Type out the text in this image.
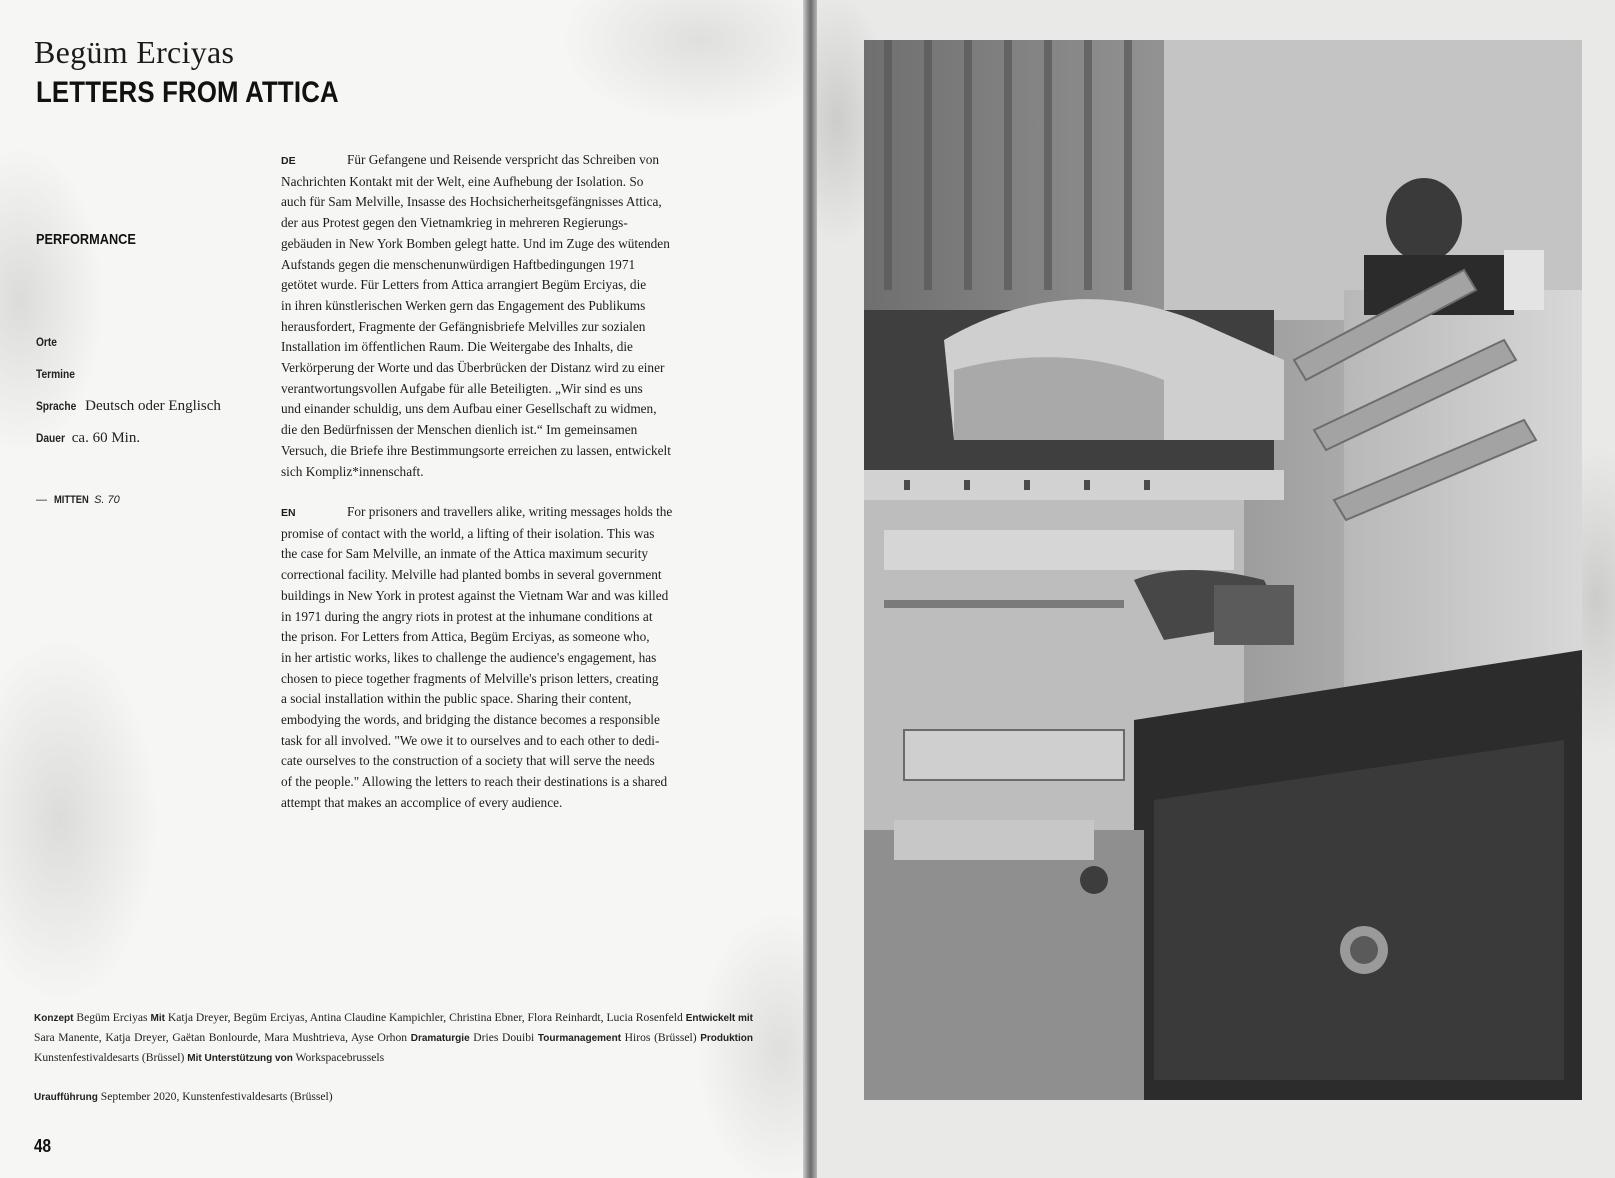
Begüm Erciyas
LETTERS FROM ATTICA
PERFORMANCE
Orte
Termine
Sprache Deutsch oder Englisch
Dauer ca. 60 Min.
— MITTEN S. 70
DE	Für Gefangene und Reisende verspricht das Schreiben von
Nachrichten Kontakt mit der Welt, eine Aufhebung der Isolation. So
auch für Sam Melville, Insasse des Hochsicherheitsgefängnisses Attica,
der aus Protest gegen den Vietnamkrieg in mehreren Regierungs-
gebäuden in New York Bomben gelegt hatte. Und im Zuge des wütenden
Aufstands gegen die menschenunwürdigen Haftbedingungen 1971
getötet wurde. Für Letters from Attica arrangiert Begüm Erciyas, die
in ihren künstlerischen Werken gern das Engagement des Publikums
herausfordert, Fragmente der Gefängnisbriefe Melvilles zur sozialen
Installation im öffentlichen Raum. Die Weitergabe des Inhalts, die
Verkörperung der Worte und das Überbrücken der Distanz wird zu einer
verantwortungsvollen Aufgabe für alle Beteiligten. „Wir sind es uns
und einander schuldig, uns dem Aufbau einer Gesellschaft zu widmen,
die den Bedürfnissen der Menschen dienlich ist.“ Im gemeinsamen
Versuch, die Briefe ihre Bestimmungsorte erreichen zu lassen, entwickelt
sich Kompliz*innenschaft.
EN	For prisoners and travellers alike, writing messages holds the
promise of contact with the world, a lifting of their isolation. This was
the case for Sam Melville, an inmate of the Attica maximum security
correctional facility. Melville had planted bombs in several government
buildings in New York in protest against the Vietnam War and was killed
in 1971 during the angry riots in protest at the inhumane conditions at
the prison. For Letters from Attica, Begüm Erciyas, as someone who,
in her artistic works, likes to challenge the audience's engagement, has
chosen to piece together fragments of Melville's prison letters, creating
a social installation within the public space. Sharing their content,
embodying the words, and bridging the distance becomes a responsible
task for all involved. "We owe it to ourselves and to each other to dedi-
cate ourselves to the construction of a society that will serve the needs
of the people." Allowing the letters to reach their destinations is a shared
attempt that makes an accomplice of every audience.
Konzept Begüm Erciyas Mit Katja Dreyer, Begüm Erciyas, Antina Claudine Kampichler, Christina Ebner, Flora Reinhardt, Lucia Rosenfeld Entwickelt mit Sara Manente, Katja Dreyer, Gaëtan Bonlourde, Mara Mushtrieva, Ayse Orhon Dramaturgie Dries Douibi Tourmanagement Hiros (Brüssel) Produktion Kunstenfestivaldesarts (Brüssel) Mit Unterstützung von Workspacebrussels
Uraufführung September 2020, Kunstenfestivaldesarts (Brüssel)
48
